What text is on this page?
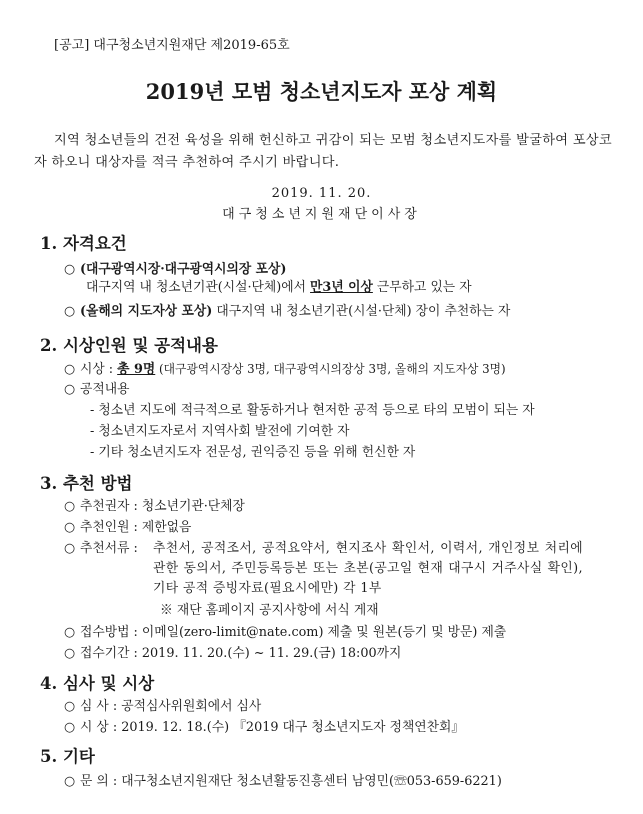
[공고] 대구청소년지원재단 제2019-65호
2019년 모범 청소년지도자 포상 계획
지역 청소년들의 건전 육성을 위해 헌신하고 귀감이 되는 모범 청소년지도자를 발굴하여 포상코자 하오니 대상자를 적극 추천하여 주시기 바랍니다.
2019. 11. 20.
대구청소년지원재단이사장
1. 자격요건
○ (대구광역시장·대구광역시의장 포상)
대구지역 내 청소년기관(시설·단체)에서 만3년 이상 근무하고 있는 자
○ (올해의 지도자상 포상) 대구지역 내 청소년기관(시설·단체) 장이 추천하는 자
2. 시상인원 및 공적내용
○ 시상 : 총 9명 (대구광역시장상 3명, 대구광역시의장상 3명, 올해의 지도자상 3명)
○ 공적내용
- 청소년 지도에 적극적으로 활동하거나 현저한 공적 등으로 타의 모범이 되는 자
- 청소년지도자로서 지역사회 발전에 기여한 자
- 기타 청소년지도자 전문성, 권익증진 등을 위해 헌신한 자
3. 추천 방법
○ 추천권자 : 청소년기관·단체장
○ 추천인원 : 제한없음
○ 추천서류 : 추천서, 공적조서, 공적요약서, 현지조사 확인서, 이력서, 개인정보 처리에 관한 동의서, 주민등록등본 또는 초본(공고일 현재 대구시 거주사실 확인), 기타 공적 증빙자료(필요시에만) 각 1부
※ 재단 홈페이지 공지사항에 서식 게재
○ 접수방법 : 이메일(zero-limit@nate.com) 제출 및 원본(등기 및 방문) 제출
○ 접수기간 : 2019. 11. 20.(수) ~ 11. 29.(금) 18:00까지
4. 심사 및 시상
○ 심 사 : 공적심사위원회에서 심사
○ 시 상 : 2019. 12. 18.(수) 『2019 대구 청소년지도자 정책연찬회』
5. 기타
○ 문 의 : 대구청소년지원재단 청소년활동진흥센터 남영민(☏053-659-6221)
